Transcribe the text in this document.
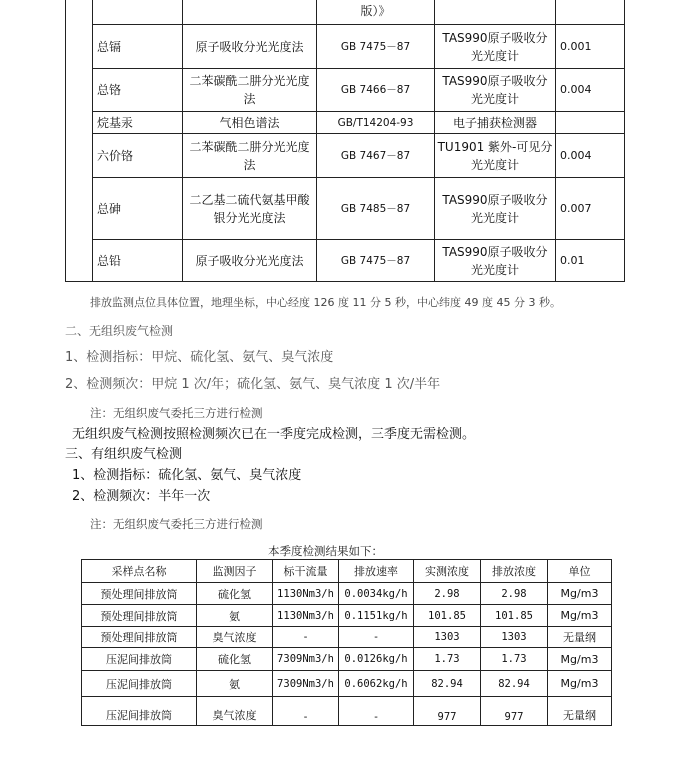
			版）》		
	总镉	原子吸收分光光度法	GB 7475－87	TAS990原子吸收分光光度计	0.001
	总铬	二苯碳酰二肼分光光度法	GB 7466－87	TAS990原子吸收分光光度计	0.004
	烷基汞	气相色谱法	GB/T14204-93	电子捕获检测器	
	六价铬	二苯碳酰二肼分光光度法	GB 7467－87	TU1901 紫外-可见分光光度计	0.004
	总砷	二乙基二硫代氨基甲酸银分光光度法	GB 7485－87	TAS990原子吸收分光光度计	0.007
	总铅	原子吸收分光光度法	GB 7475－87	TAS990原子吸收分光光度计	0.01
排放监测点位具体位置，地理坐标，中心经度 126 度 11 分 5 秒，中心纬度 49 度 45 分 3 秒。
二、无组织废气检测
1、检测指标：甲烷、硫化氢、氨气、臭气浓度
2、检测频次：甲烷 1 次/年；硫化氢、氨气、臭气浓度 1 次/半年
注：无组织废气委托三方进行检测
无组织废气检测按照检测频次已在一季度完成检测，三季度无需检测。
三、有组织废气检测
1、检测指标：硫化氢、氨气、臭气浓度
2、检测频次：半年一次
注：无组织废气委托三方进行检测
本季度检测结果如下：
采样点名称	监测因子	标干流量	排放速率	实测浓度	排放浓度	单位
预处理间排放筒	硫化氢	1130Nm3/h	0.0034kg/h	2.98	2.98	Mg/m3
预处理间排放筒	氨	1130Nm3/h	0.1151kg/h	101.85	101.85	Mg/m3
预处理间排放筒	臭气浓度	-	-	1303	1303	无量纲
压泥间排放筒	硫化氢	7309Nm3/h	0.0126kg/h	1.73	1.73	Mg/m3
压泥间排放筒	氨	7309Nm3/h	0.6062kg/h	82.94	82.94	Mg/m3
压泥间排放筒	臭气浓度	-	-	977	977	无量纲
